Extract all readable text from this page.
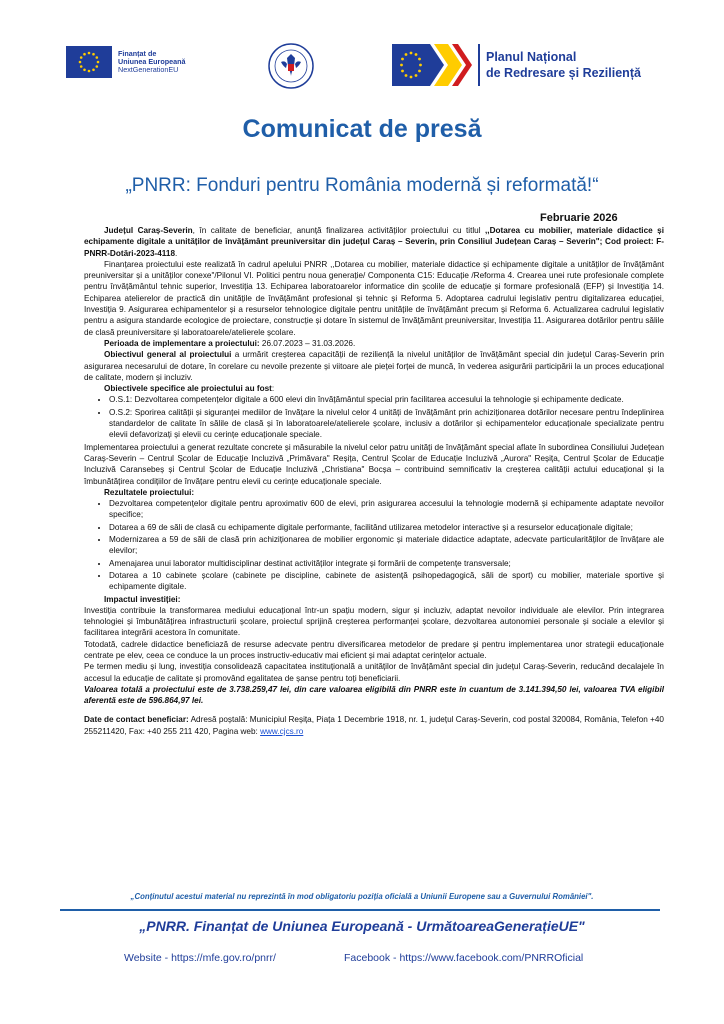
Finanțat de
Uniunea Europeană
NextGenerationEU
Planul Național
de Redresare și Reziliență
Comunicat de presă
„PNRR: Fonduri pentru România modernă și reformată!“
Februarie 2026

Județul Caraș-Severin, în calitate de beneficiar, anunță finalizarea activităților proiectului cu titlul ,,Dotarea cu mobilier, materiale didactice și echipamente digitale a unităților de învățământ preuniversitar din județul Caraș – Severin, prin Consiliul Județean Caraș – Severin"; Cod proiect: F-PNRR-Dotări-2023-4118.

Finanțarea proiectului este realizată în cadrul apelului PNRR ,,Dotarea cu mobilier, materiale didactice și echipamente digitale a unităților de învățământ preuniversitar și a unităților conexe"/Pilonul VI. Politici pentru noua generație/ Componenta C15: Educație /Reforma 4. Crearea unei rute profesionale complete pentru învățământul tehnic superior, Investiția 13. Echiparea laboratoarelor informatice din școlile de educație și formare profesională (EFP) și Investiția 14. Echiparea atelierelor de practică din unitățile de învățământ profesional și tehnic și Reforma 5. Adoptarea cadrului legislativ pentru digitalizarea educației, Investiția 9. Asigurarea echipamentelor și a resurselor tehnologice digitale pentru unitățile de învățământ precum și Reforma 6. Actualizarea cadrului legislativ pentru a asigura standarde ecologice de proiectare, construcție și dotare în sistemul de învățământ preuniversitar, Investiția 11. Asigurarea dotărilor pentru sălile de clasă preuniversitare și laboratoarele/atelierele școlare.

Perioada de implementare a proiectului: 26.07.2023 – 31.03.2026.

Obiectivul general al proiectului a urmărit creșterea capacității de reziliență la nivelul unităților de învățământ special din județul Caraș-Severin prin asigurarea necesarului de dotare, în corelare cu nevoile prezente și viitoare ale pieței forței de muncă, în vederea asigurării participării la un proces educațional de calitate, modern și incluziv.

Obiectivele specifice ale proiectului au fost:

• O.S.1: Dezvoltarea competențelor digitale a 600 elevi din învățământul special prin facilitarea accesului la tehnologie și echipamente dedicate.
• O.S.2: Sporirea calității și siguranței mediilor de învățare la nivelul celor 4 unități de învățământ prin achiziționarea dotărilor necesare pentru îndeplinirea standardelor de calitate în sălile de clasă și în laboratoarele/atelierele școlare, inclusiv a dotărilor și echipamentelor educaționale specializate pentru elevii defavorizați și elevii cu cerințe educaționale speciale.

Implementarea proiectului a generat rezultate concrete și măsurabile la nivelul celor patru unități de învățământ special aflate în subordinea Consiliului Județean Caraș-Severin – Centrul Școlar de Educație Incluzivă „Primăvara" Reșița, Centrul Școlar de Educație Incluzivă „Aurora" Reșița, Centrul Școlar de Educație Incluzivă Caransebeș și Centrul Școlar de Educație Incluzivă „Christiana" Bocșa – contribuind semnificativ la creșterea calității actului educațional și la îmbunătățirea condițiilor de învățare pentru elevii cu cerințe educaționale speciale.

Rezultatele proiectului:

• Dezvoltarea competențelor digitale pentru aproximativ 600 de elevi, prin asigurarea accesului la tehnologie modernă și echipamente adaptate nevoilor specifice;
• Dotarea a 69 de săli de clasă cu echipamente digitale performante, facilitând utilizarea metodelor interactive și a resurselor educaționale digitale;
• Modernizarea a 59 de săli de clasă prin achiziționarea de mobilier ergonomic și materiale didactice adaptate, adecvate particularităților de învățare ale elevilor;
• Amenajarea unui laborator multidisciplinar destinat activităților integrate și formării de competențe transversale;
• Dotarea a 10 cabinete școlare (cabinete pe discipline, cabinete de asistență psihopedagogică, săli de sport) cu mobilier, materiale sportive și echipamente digitale.

Impactul investiției:

Investiția contribuie la transformarea mediului educațional într-un spațiu modern, sigur și incluziv, adaptat nevoilor individuale ale elevilor. Prin integrarea tehnologiei și îmbunătățirea infrastructurii școlare, proiectul sprijină creșterea performanței școlare, dezvoltarea autonomiei personale și sociale a elevilor și facilitarea integrării acestora în comunitate.

Totodată, cadrele didactice beneficiază de resurse adecvate pentru diversificarea metodelor de predare și pentru implementarea unor strategii educaționale centrate pe elev, ceea ce conduce la un proces instructiv-educativ mai eficient și mai adaptat cerințelor actuale.

Pe termen mediu și lung, investiția consolidează capacitatea instituțională a unităților de învățământ special din județul Caraș-Severin, reducând decalajele în accesul la educație de calitate și promovând egalitatea de șanse pentru toți beneficiarii.

Valoarea totală a proiectului este de 3.738.259,47 lei, din care valoarea eligibilă din PNRR este în cuantum de 3.141.394,50 lei, valoarea TVA eligibil aferentă este de 596.864,97 lei.

Date de contact beneficiar: Adresă poștală: Municipiul Reșița, Piața 1 Decembrie 1918, nr. 1, județul Caraș-Severin, cod postal 320084, România, Telefon +40 255211420, Fax: +40 255 211 420, Pagina web: www.cjcs.ro

„Conținutul acestui material nu reprezintă în mod obligatoriu poziția oficială a Uniunii Europene sau a Guvernului României".
„PNRR. Finanțat de Uniunea Europeană - UrmătoareaGenerațieUE"
Website - https://mfe.gov.ro/pnrr/	Facebook - https://www.facebook.com/PNRROficial
